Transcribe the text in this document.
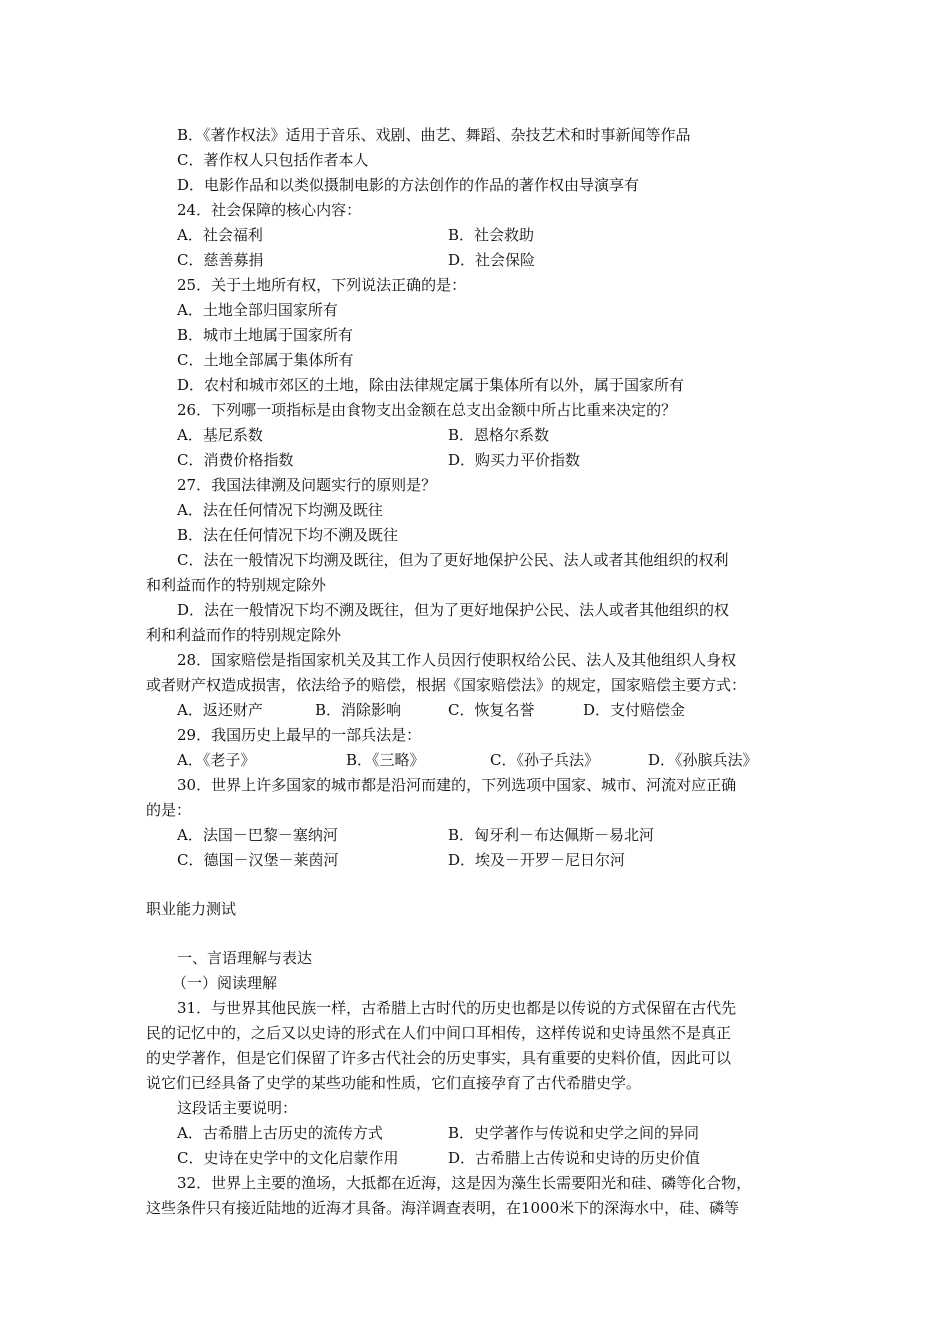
B．《著作权法》适用于音乐、戏剧、曲艺、舞蹈、杂技艺术和时事新闻等作品
C．著作权人只包括作者本人
D．电影作品和以类似摄制电影的方法创作的作品的著作权由导演享有
24．社会保障的核心内容：
A．社会福利	B．社会救助
C．慈善募捐	D．社会保险
25．关于土地所有权，下列说法正确的是：
A．土地全部归国家所有
B．城市土地属于国家所有
C．土地全部属于集体所有
D．农村和城市郊区的土地，除由法律规定属于集体所有以外，属于国家所有
26．下列哪一项指标是由食物支出金额在总支出金额中所占比重来决定的？
A．基尼系数	B．恩格尔系数
C．消费价格指数	D．购买力平价指数
27．我国法律溯及问题实行的原则是？
A．法在任何情况下均溯及既往
B．法在任何情况下均不溯及既往
C．法在一般情况下均溯及既往，但为了更好地保护公民、法人或者其他组织的权利
和利益而作的特别规定除外
D．法在一般情况下均不溯及既往，但为了更好地保护公民、法人或者其他组织的权
利和利益而作的特别规定除外
28．国家赔偿是指国家机关及其工作人员因行使职权给公民、法人及其他组织人身权
或者财产权造成损害，依法给予的赔偿，根据《国家赔偿法》的规定，国家赔偿主要方式：
A．返还财产	B．消除影响	C．恢复名誉	D．支付赔偿金
29．我国历史上最早的一部兵法是：
A．《老子》	B．《三略》	C．《孙子兵法》	D．《孙膑兵法》
30．世界上许多国家的城市都是沿河而建的，下列选项中国家、城市、河流对应正确
的是：
A．法国－巴黎－塞纳河	B．匈牙利－布达佩斯－易北河
C．德国－汉堡－莱茵河	D．埃及－开罗－尼日尔河
职业能力测试
一、言语理解与表达
（一）阅读理解
31．与世界其他民族一样，古希腊上古时代的历史也都是以传说的方式保留在古代先
民的记忆中的，之后又以史诗的形式在人们中间口耳相传，这样传说和史诗虽然不是真正
的史学著作，但是它们保留了许多古代社会的历史事实，具有重要的史料价值，因此可以
说它们已经具备了史学的某些功能和性质，它们直接孕育了古代希腊史学。
这段话主要说明：
A．古希腊上古历史的流传方式	B．史学著作与传说和史学之间的异同
C．史诗在史学中的文化启蒙作用	D．古希腊上古传说和史诗的历史价值
32．世界上主要的渔场，大抵都在近海，这是因为藻生长需要阳光和硅、磷等化合物，
这些条件只有接近陆地的近海才具备。海洋调查表明，在1000米下的深海水中，硅、磷等
